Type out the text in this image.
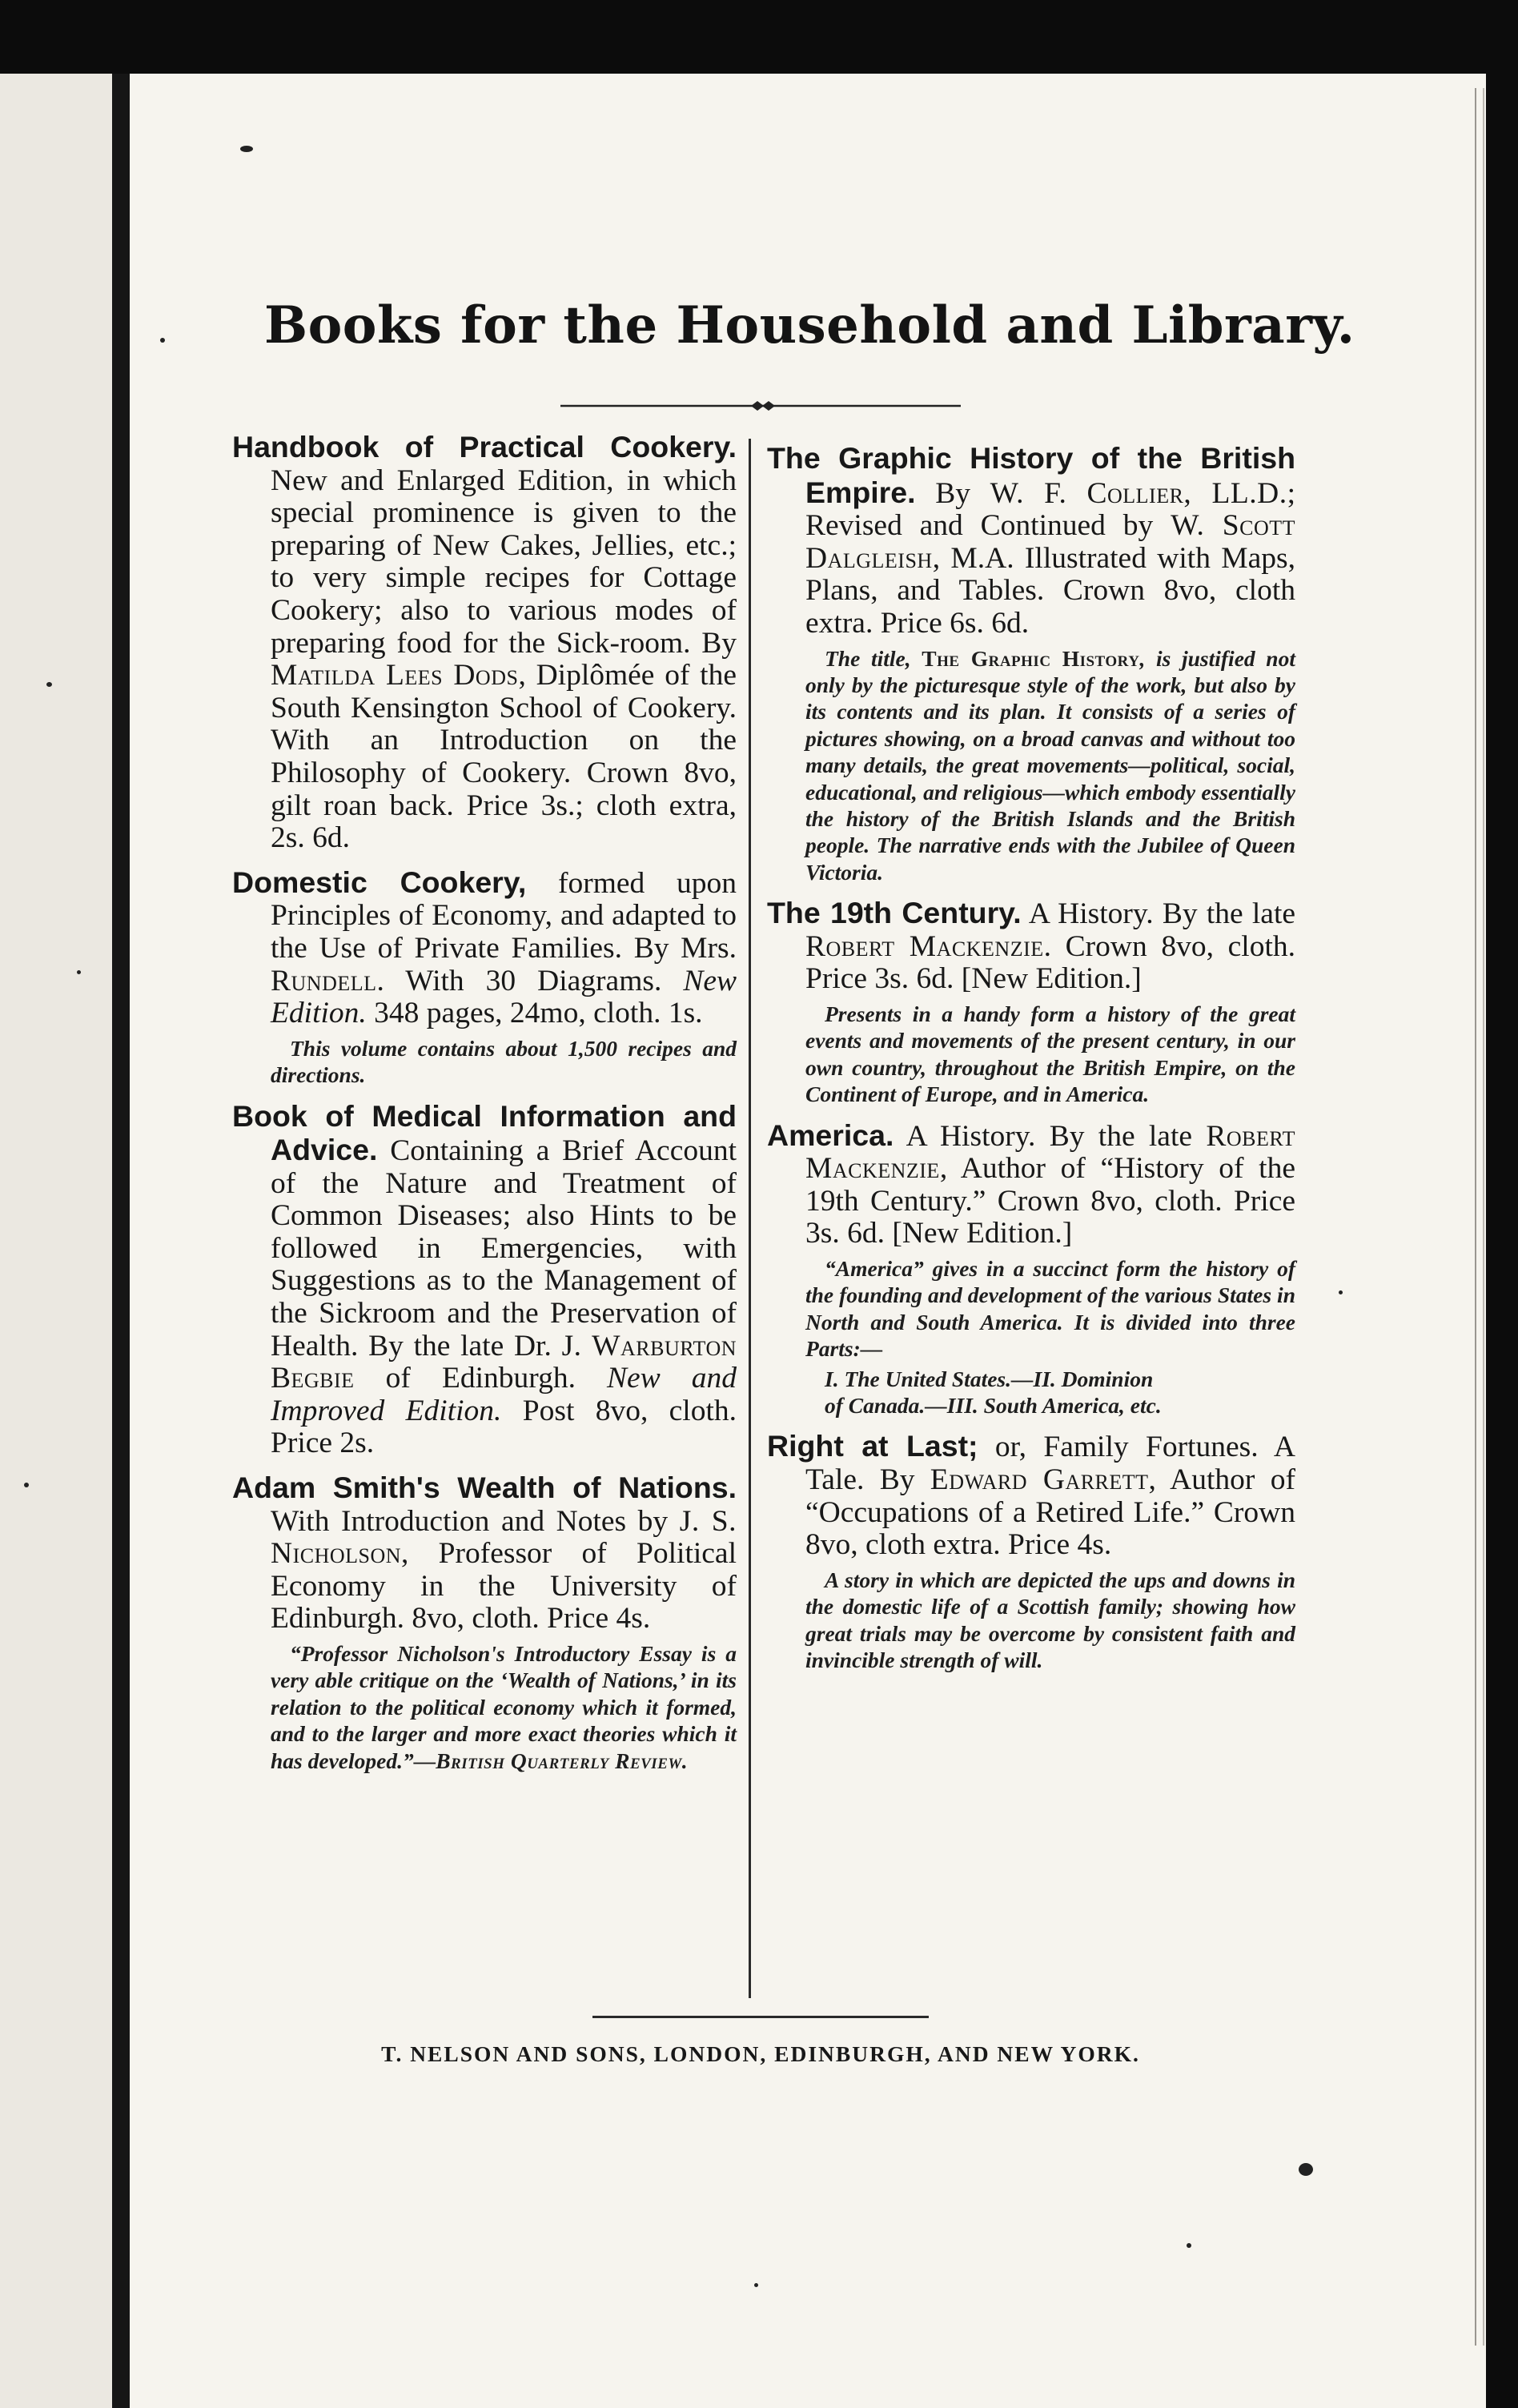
Books for the Household and Library.

Handbook of Practical Cookery. New and Enlarged Edition, in which special prominence is given to the preparing of New Cakes, Jellies, etc.; to very simple recipes for Cottage Cookery; also to various modes of preparing food for the Sick-room. By Matilda Lees Dods, Diplômée of the South Kensington School of Cookery. With an Introduction on the Philosophy of Cookery. Crown 8vo, gilt roan back. Price 3s.; cloth extra, 2s. 6d.

Domestic Cookery, formed upon Principles of Economy, and adapted to the Use of Private Families. By Mrs. Rundell. With 30 Diagrams. New Edition. 348 pages, 24mo, cloth. 1s.

This volume contains about 1,500 recipes and directions.

Book of Medical Information and Advice. Containing a Brief Account of the Nature and Treatment of Common Diseases; also Hints to be followed in Emergencies, with Suggestions as to the Management of the Sickroom and the Preservation of Health. By the late Dr. J. Warburton Begbie of Edinburgh. New and Improved Edition. Post 8vo, cloth. Price 2s.

Adam Smith's Wealth of Nations. With Introduction and Notes by J. S. Nicholson, Professor of Political Economy in the University of Edinburgh. 8vo, cloth. Price 4s.

“Professor Nicholson's Introductory Essay is a very able critique on the ‘Wealth of Nations,’ in its relation to the political economy which it formed, and to the larger and more exact theories which it has developed.”—British Quarterly Review.

The Graphic History of the British Empire. By W. F. Collier, LL.D.; Revised and Continued by W. Scott Dalgleish, M.A. Illustrated with Maps, Plans, and Tables. Crown 8vo, cloth extra. Price 6s. 6d.

The title, The Graphic History, is justified not only by the picturesque style of the work, but also by its contents and its plan. It consists of a series of pictures showing, on a broad canvas and without too many details, the great movements—political, social, educational, and religious—which embody essentially the history of the British Islands and the British people. The narrative ends with the Jubilee of Queen Victoria.

The 19th Century. A History. By the late Robert Mackenzie. Crown 8vo, cloth. Price 3s. 6d. [New Edition.]

Presents in a handy form a history of the great events and movements of the present century, in our own country, throughout the British Empire, on the Continent of Europe, and in America.

America. A History. By the late Robert Mackenzie, Author of “History of the 19th Century.” Crown 8vo, cloth. Price 3s. 6d. [New Edition.]

“America” gives in a succinct form the history of the founding and development of the various States in North and South America. It is divided into three Parts:—

I. The United States.—II. Dominion
of Canada.—III. South America, etc.

Right at Last; or, Family Fortunes. A Tale. By Edward Garrett, Author of “Occupations of a Retired Life.” Crown 8vo, cloth extra. Price 4s.

A story in which are depicted the ups and downs in the domestic life of a Scottish family; showing how great trials may be overcome by consistent faith and invincible strength of will.

T. NELSON AND SONS, LONDON, EDINBURGH, AND NEW YORK.
